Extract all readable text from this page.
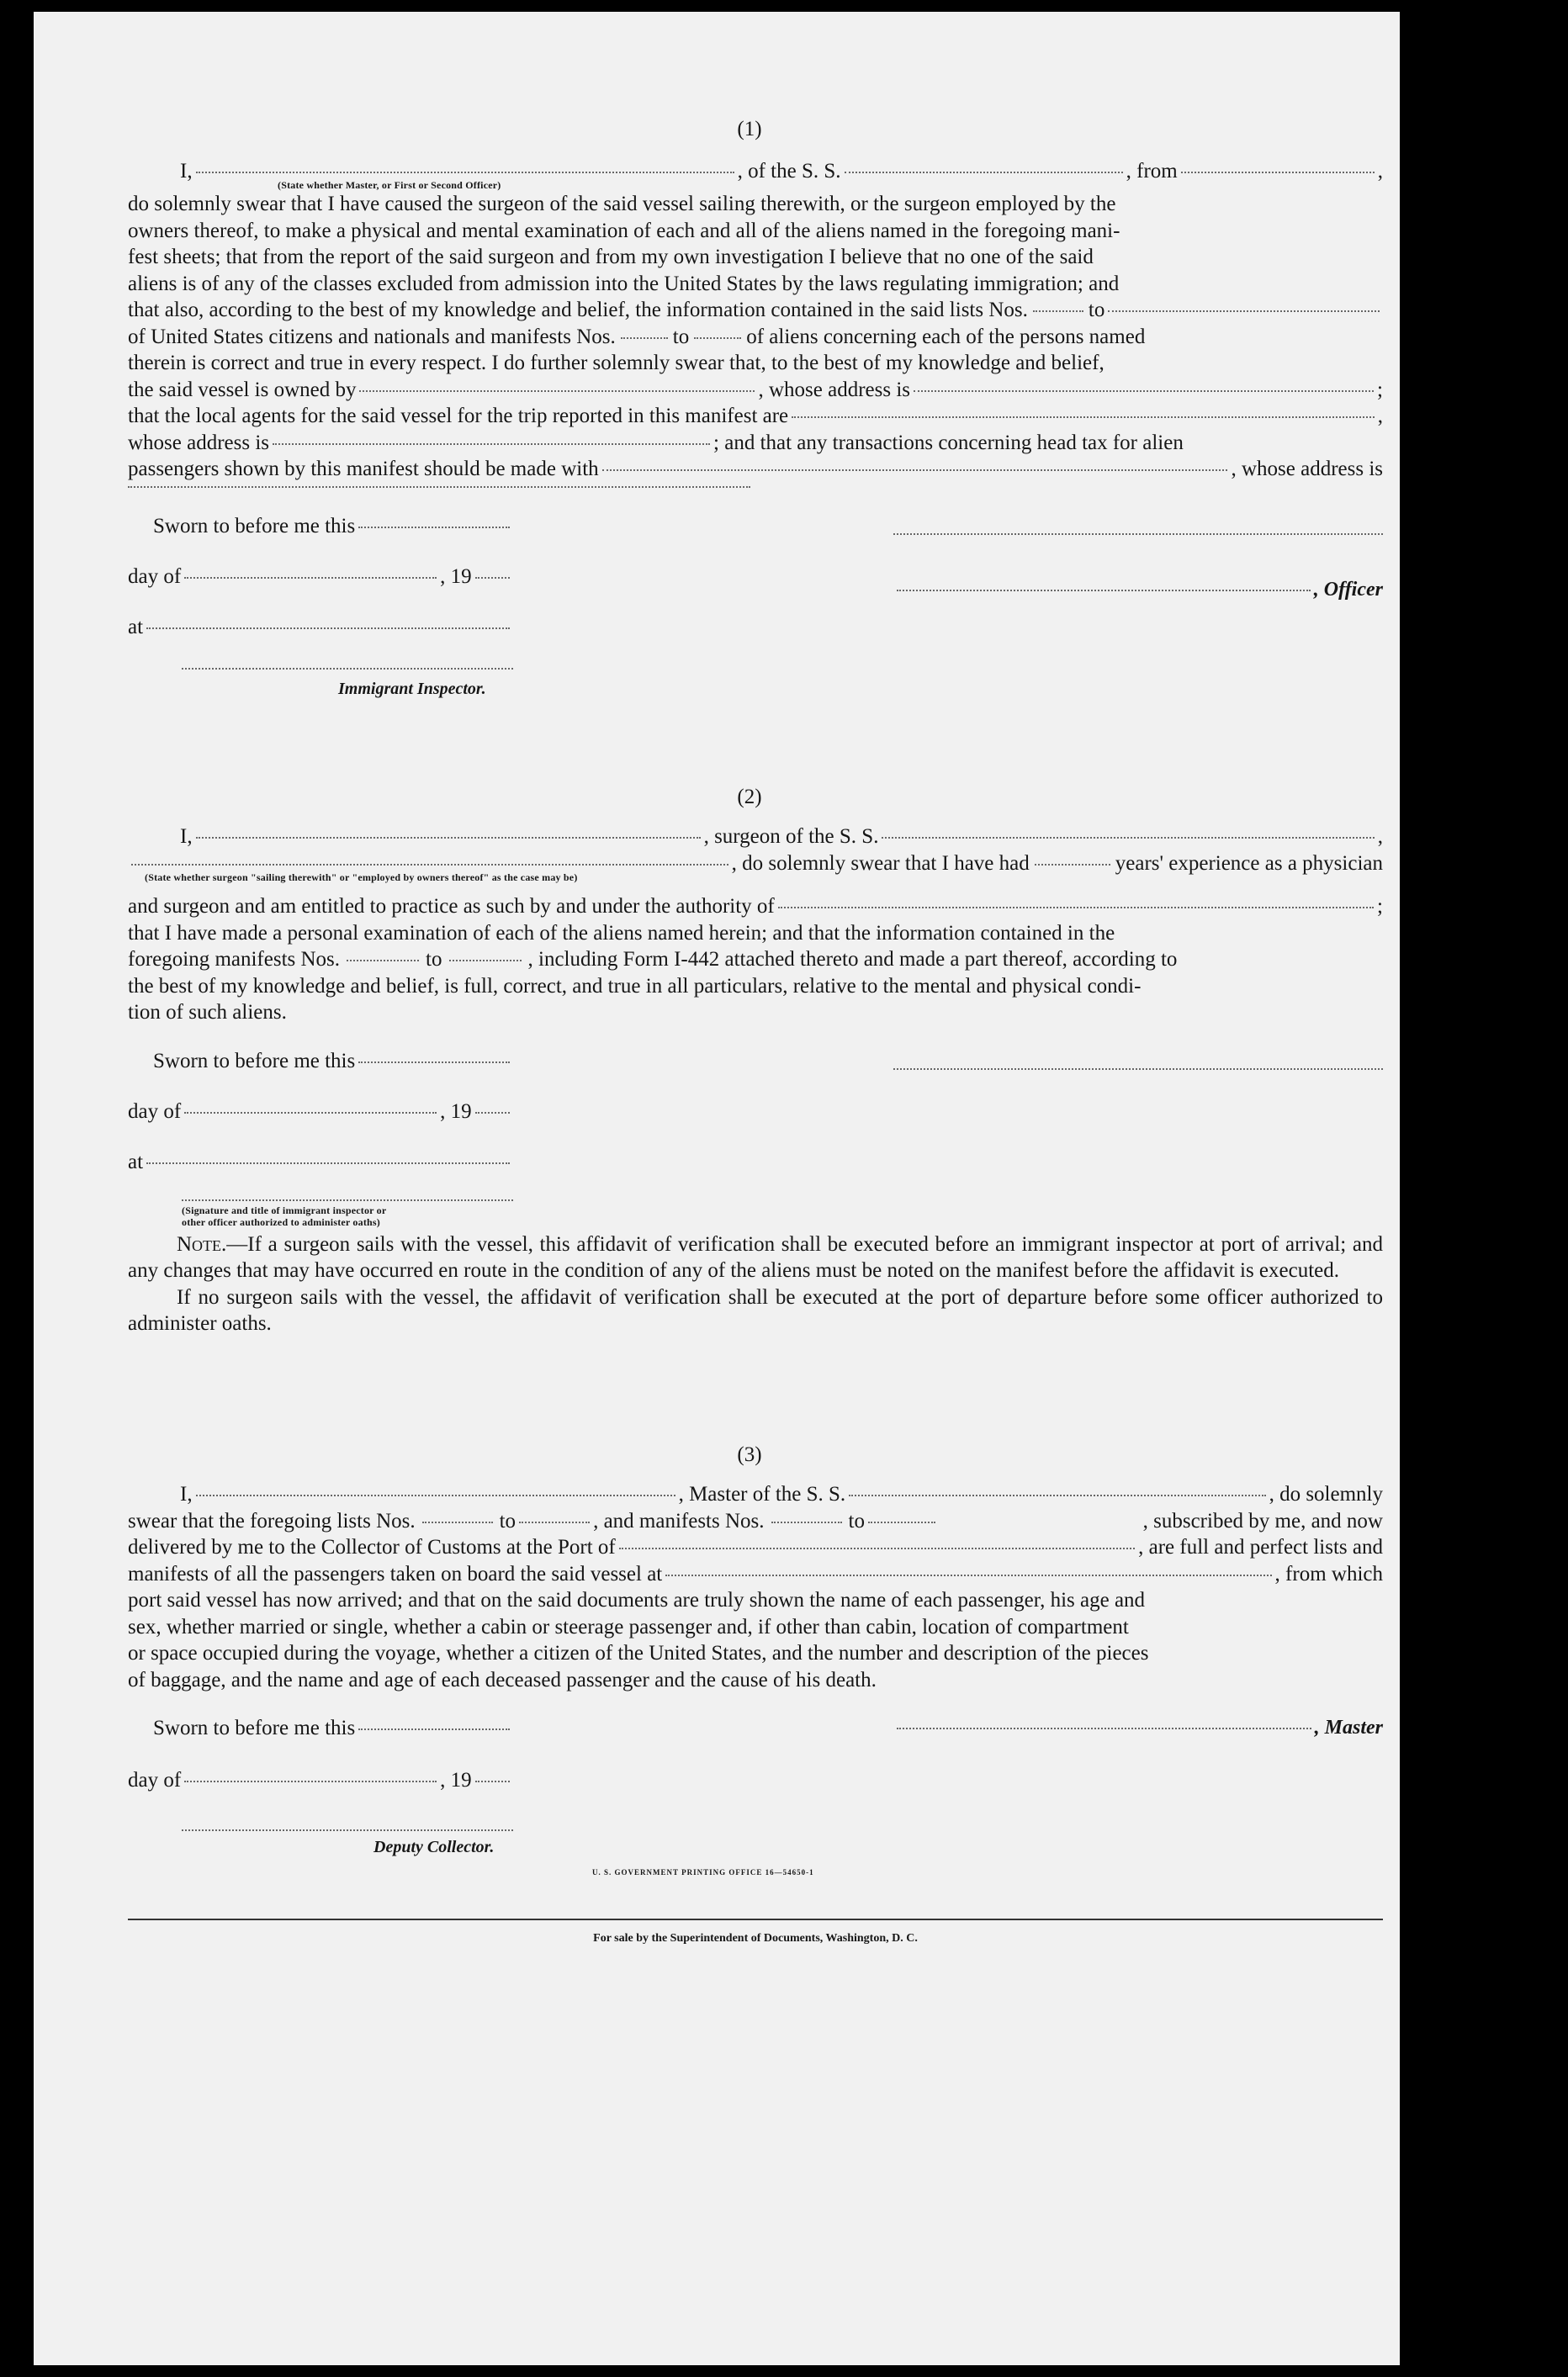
(1)
I,	, of the S. S.	, from	,
(State whether Master, or First or Second Officer)

do solemnly swear that I have caused the surgeon of the said vessel sailing therewith, or the surgeon employed by the

owners thereof, to make a physical and mental examination of each and all of the aliens named in the foregoing mani-

fest sheets; that from the report of the said surgeon and from my own investigation I believe that no one of the said

aliens is of any of the classes excluded from admission into the United States by the laws regulating immigration; and

that also, according to the best of my knowledge and belief, the information contained in the said lists Nos.	to
of United States citizens and nationals and manifests Nos.	to	of aliens concerning each of the persons named

therein is correct and true in every respect. I do further solemnly swear that, to the best of my knowledge and belief,

the said vessel is owned by	, whose address is	;
that the local agents for the said vessel for the trip reported in this manifest are	,
whose address is	; and that any transactions concerning head tax for alien
passengers shown by this manifest should be made with	, whose address is
Sworn to before me this
day of	, 19
, Officer
at
Immigrant Inspector.
(2)
I,	, surgeon of the S. S.	,
, do solemnly swear that I have had	years' experience as a physician
(State whether surgeon "sailing therewith" or "employed by owners thereof" as the case may be)
and surgeon and am entitled to practice as such by and under the authority of	;

that I have made a personal examination of each of the aliens named herein; and that the information contained in the

foregoing manifests Nos.	to	, including Form I-442 attached thereto and made a part thereof, according to

the best of my knowledge and belief, is full, correct, and true in all particulars, relative to the mental and physical condi-

tion of such aliens.

Sworn to before me this
day of	, 19
at
(Signature and title of immigrant inspector or
other officer authorized to administer oaths)

Note.—If a surgeon sails with the vessel, this affidavit of verification shall be executed before an immigrant inspector at port of arrival; and any changes that may have occurred en route in the condition of any of the aliens must be noted on the manifest before the affidavit is executed.

If no surgeon sails with the vessel, the affidavit of verification shall be executed at the port of departure before some officer authorized to administer oaths.

(3)
I,	, Master of the S. S.	, do solemnly
swear that the foregoing lists Nos.	to	, and manifests Nos.	to	, subscribed by me, and now
delivered by me to the Collector of Customs at the Port of	, are full and perfect lists and
manifests of all the passengers taken on board the said vessel at	, from which

port said vessel has now arrived; and that on the said documents are truly shown the name of each passenger, his age and

sex, whether married or single, whether a cabin or steerage passenger and, if other than cabin, location of compartment

or space occupied during the voyage, whether a citizen of the United States, and the number and description of the pieces

of baggage, and the name and age of each deceased passenger and the cause of his death.

Sworn to before me this	, Master
day of	, 19
Deputy Collector.
U. S. GOVERNMENT PRINTING OFFICE 16—54650-1
For sale by the Superintendent of Documents, Washington, D. C.
